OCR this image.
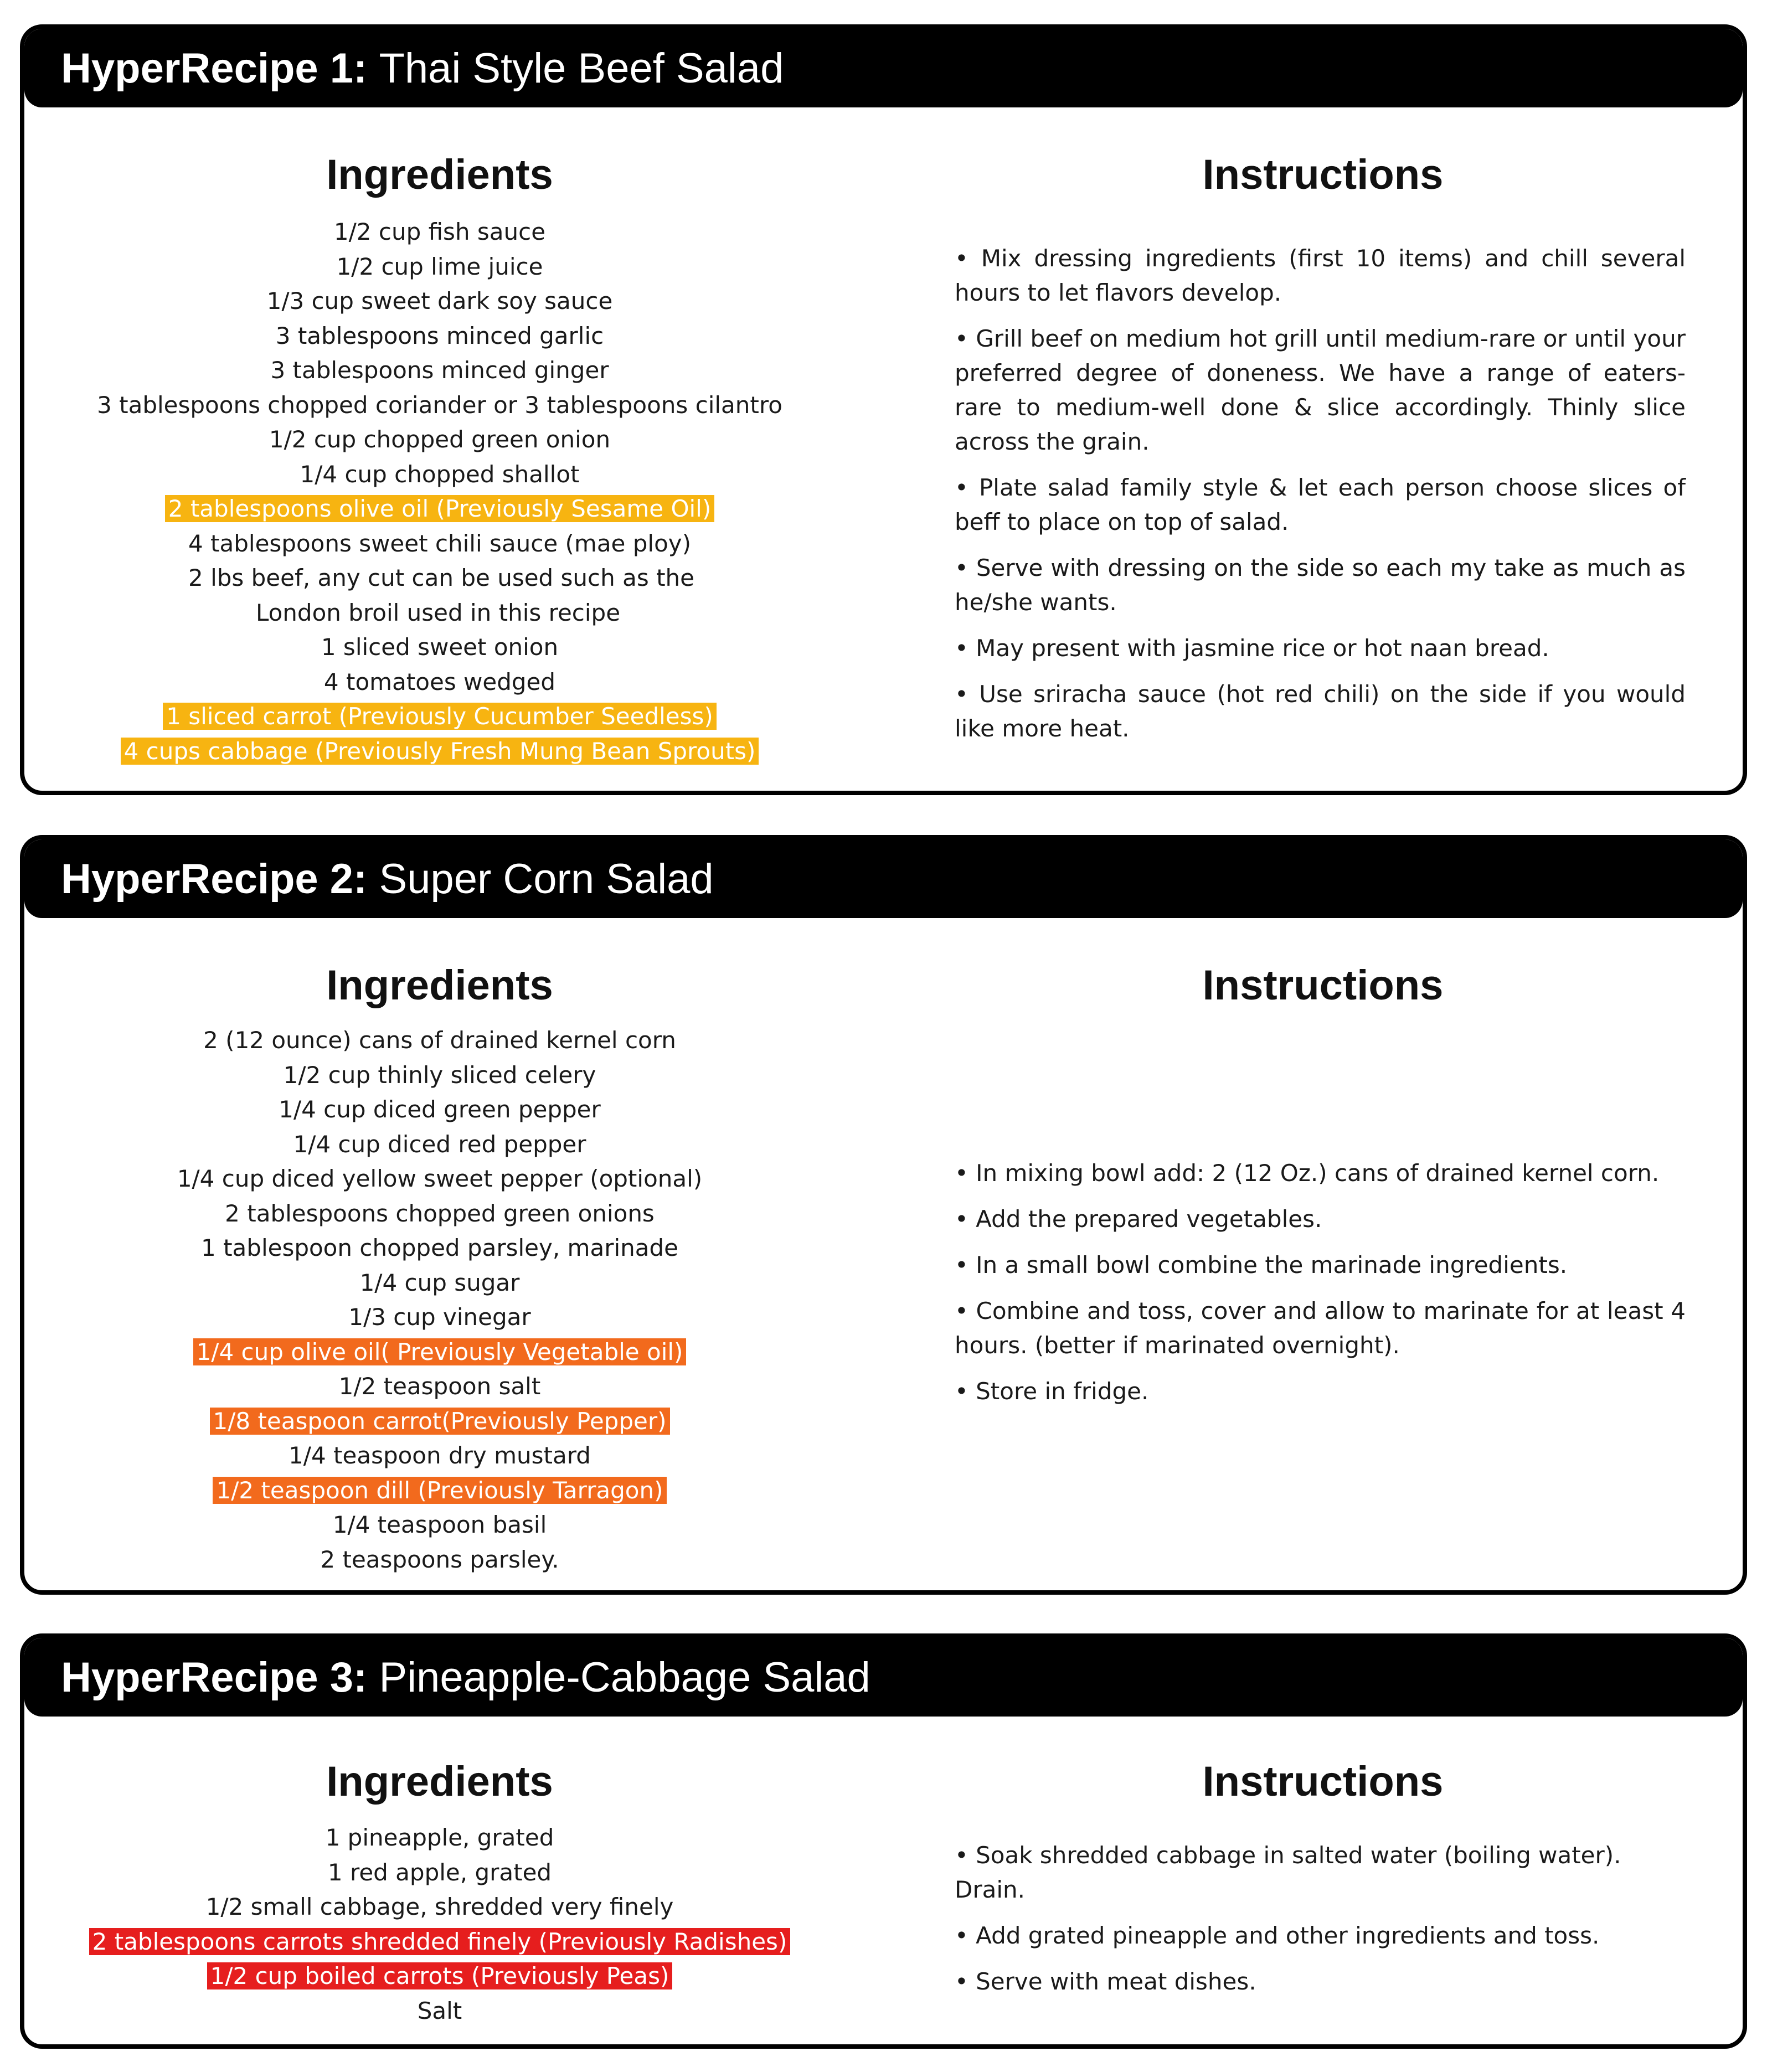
HyperRecipe 1: Thai Style Beef Salad
Ingredients
1/2 cup fish sauce
1/2 cup lime juice
1/3 cup sweet dark soy sauce
3 tablespoons minced garlic
3 tablespoons minced ginger
3 tablespoons chopped coriander or 3 tablespoons cilantro
1/2 cup chopped green onion
1/4 cup chopped shallot
2 tablespoons olive oil (Previously Sesame Oil)
4 tablespoons sweet chili sauce (mae ploy)
2 lbs beef, any cut can be used such as the London broil used in this recipe
1 sliced sweet onion
4 tomatoes wedged
1 sliced carrot (Previously Cucumber Seedless)
4 cups cabbage (Previously Fresh Mung Bean Sprouts)
Instructions
• Mix dressing ingredients (first 10 items) and chill several hours to let flavors develop.
• Grill beef on medium hot grill until medium-rare or until your preferred degree of doneness. We have a range of eaters- rare to medium-well done & slice accordingly. Thinly slice across the grain.
• Plate salad family style & let each person choose slices of beff to place on top of salad.
• Serve with dressing on the side so each my take as much as he/she wants.
• May present with jasmine rice or hot naan bread.
• Use sriracha sauce (hot red chili) on the side if you would like more heat.
HyperRecipe 2: Super Corn Salad
Ingredients
2 (12 ounce) cans of drained kernel corn
1/2 cup thinly sliced celery
1/4 cup diced green pepper
1/4 cup diced red pepper
1/4 cup diced yellow sweet pepper (optional)
2 tablespoons chopped green onions
1 tablespoon chopped parsley, marinade
1/4 cup sugar
1/3 cup vinegar
1/4 cup olive oil( Previously Vegetable oil)
1/2 teaspoon salt
1/8 teaspoon carrot(Previously Pepper)
1/4 teaspoon dry mustard
1/2 teaspoon dill (Previously Tarragon)
1/4 teaspoon basil
2 teaspoons parsley.
Instructions
• In mixing bowl add: 2 (12 Oz.) cans of drained kernel corn.
• Add the prepared vegetables.
• In a small bowl combine the marinade ingredients.
• Combine and toss, cover and allow to marinate for at least 4 hours. (better if marinated overnight).
• Store in fridge.
HyperRecipe 3: Pineapple-Cabbage Salad
Ingredients
1 pineapple, grated
1 red apple, grated
1/2 small cabbage, shredded very finely
2 tablespoons carrots shredded finely (Previously Radishes)
1/2 cup boiled carrots (Previously Peas)
Salt
Instructions
• Soak shredded cabbage in salted water (boiling water). Drain.
• Add grated pineapple and other ingredients and toss.
• Serve with meat dishes.
